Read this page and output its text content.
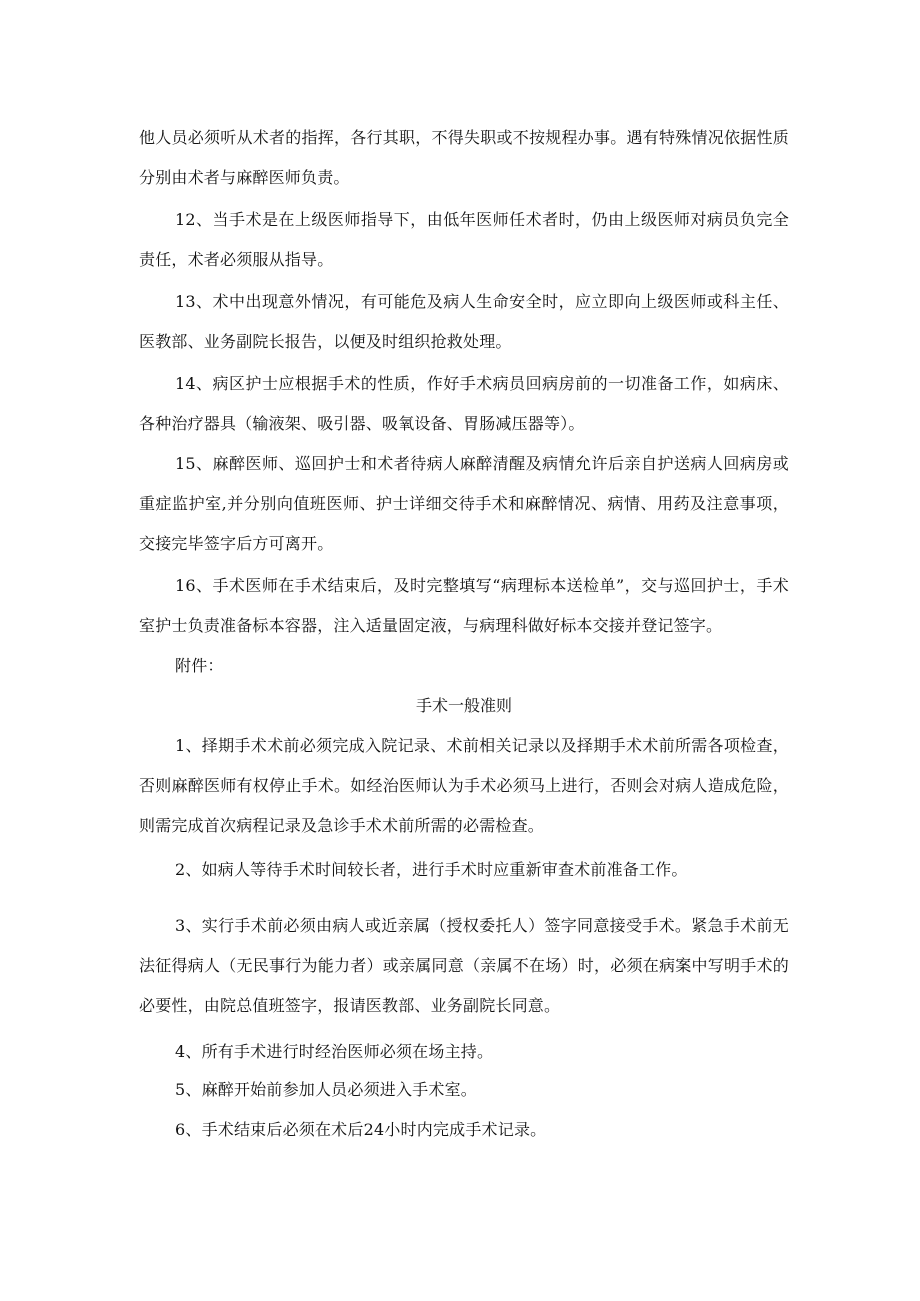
他人员必须听从术者的指挥，各行其职，不得失职或不按规程办事。遇有特殊情况依据性质分别由术者与麻醉医师负责。

12、当手术是在上级医师指导下，由低年医师任术者时，仍由上级医师对病员负完全责任，术者必须服从指导。

13、术中出现意外情况，有可能危及病人生命安全时，应立即向上级医师或科主任、医教部、业务副院长报告，以便及时组织抢救处理。

14、病区护士应根据手术的性质，作好手术病员回病房前的一切准备工作，如病床、各种治疗器具（输液架、吸引器、吸氧设备、胃肠减压器等）。

15、麻醉医师、巡回护士和术者待病人麻醉清醒及病情允许后亲自护送病人回病房或重症监护室,并分别向值班医师、护士详细交待手术和麻醉情况、病情、用药及注意事项，交接完毕签字后方可离开。

16、手术医师在手术结束后，及时完整填写“病理标本送检单”，交与巡回护士，手术室护士负责准备标本容器，注入适量固定液，与病理科做好标本交接并登记签字。

附件：

手术一般准则

1、择期手术术前必须完成入院记录、术前相关记录以及择期手术术前所需各项检查，否则麻醉医师有权停止手术。如经治医师认为手术必须马上进行，否则会对病人造成危险，则需完成首次病程记录及急诊手术术前所需的必需检查。

2、如病人等待手术时间较长者，进行手术时应重新审查术前准备工作。

3、实行手术前必须由病人或近亲属（授权委托人）签字同意接受手术。紧急手术前无法征得病人（无民事行为能力者）或亲属同意（亲属不在场）时，必须在病案中写明手术的必要性，由院总值班签字，报请医教部、业务副院长同意。

4、所有手术进行时经治医师必须在场主持。

5、麻醉开始前参加人员必须进入手术室。

6、手术结束后必须在术后24小时内完成手术记录。
